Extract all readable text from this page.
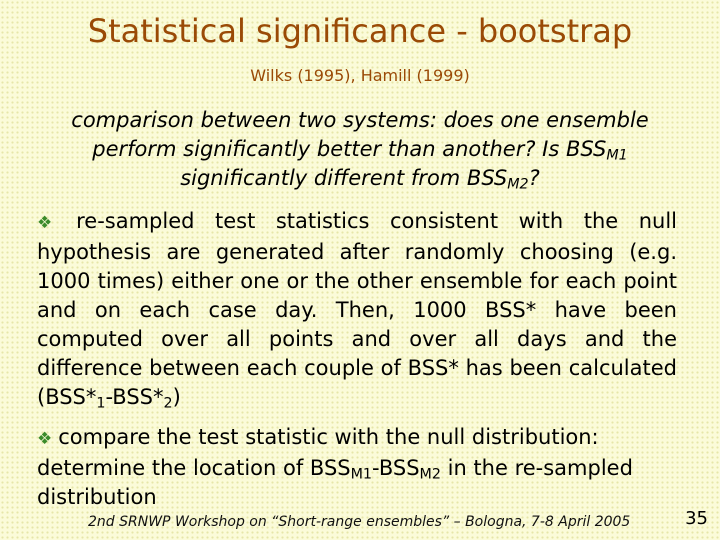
Statistical significance - bootstrap
Wilks (1995), Hamill (1999)
comparison between two systems: does one ensemble
perform significantly better than another? Is $BSS_{M1}$
significantly different from $BSS_{M2}$?
❖ re-sampled test statistics consistent with the null hypothesis are generated after randomly choosing (e.g. 1000 times) either one or the other ensemble for each point and on each case day. Then, 1000 BSS* have been computed over all points and over all days and the difference between each couple of BSS* has been calculated $(BSS*_1-BSS*_2)$
❖ compare the test statistic with the null distribution: determine the location of $BSS_{M1}-BSS_{M2}$ in the re-sampled distribution
2nd SRNWP Workshop on “Short-range ensembles” – Bologna, 7-8 April 2005	35
